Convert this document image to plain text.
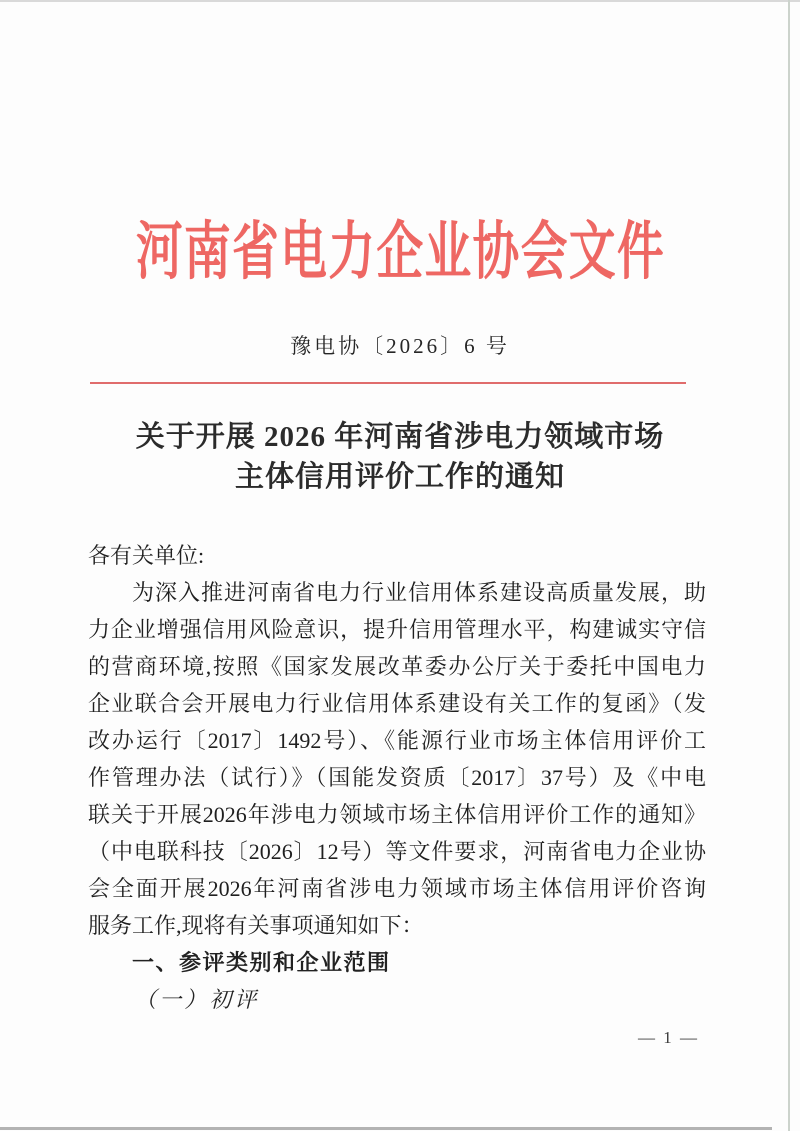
河南省电力企业协会文件
豫电协〔2026〕6 号
关于开展 2026 年河南省涉电力领域市场
主体信用评价工作的通知
各有关单位:
为深入推进河南省电力行业信用体系建设高质量发展，助
力企业增强信用风险意识，提升信用管理水平，构建诚实守信
的营商环境,按照《国家发展改革委办公厅关于委托中国电力
企业联合会开展电力行业信用体系建设有关工作的复函》（发
改办运行〔2017〕1492号）、《能源行业市场主体信用评价工
作管理办法（试行）》（国能发资质〔2017〕37号）及《中电
联关于开展2026年涉电力领域市场主体信用评价工作的通知》
（中电联科技〔2026〕12号）等文件要求，河南省电力企业协
会全面开展2026年河南省涉电力领域市场主体信用评价咨询
服务工作,现将有关事项通知如下：
一、参评类别和企业范围
（一）初评
— 1 —
